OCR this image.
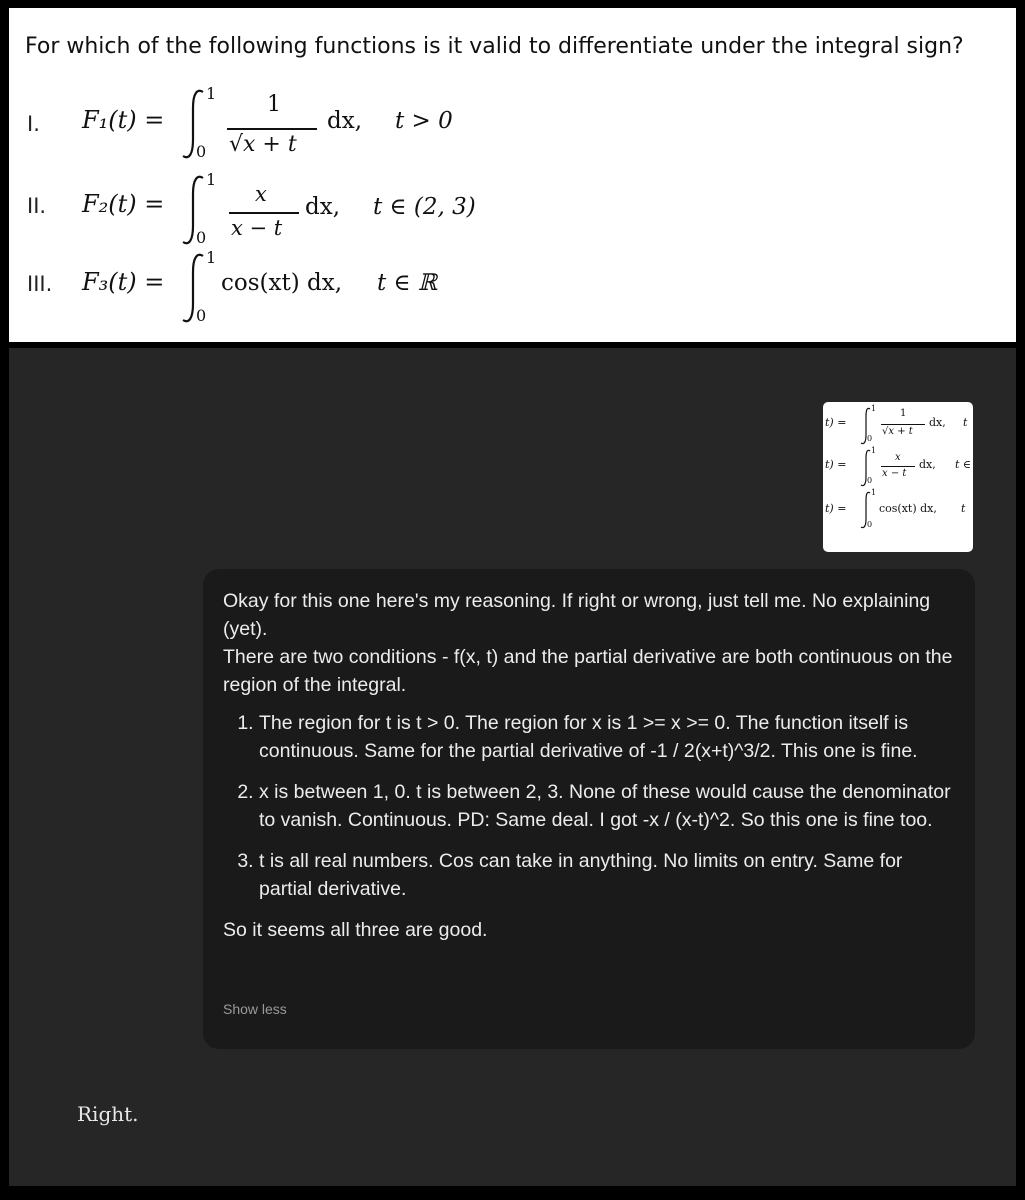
For which of the following functions is it valid to differentiate under the integral sign?
I. F₁(t) =
1
0
1
√x + t
dx, t > 0
II. F₂(t) =
1
0
x
x − t
dx, t ∈ (2, 3)
III. F₃(t) =
1
0
cos(xt) dx, t ∈ ℝ
t) =
1
0
1
√x + t
dx, t
t) =
1
0
x
x − t
dx, t ∈
t) =
1
0
cos(xt) dx, t

Okay for this one here's my reasoning. If right or wrong, just tell me. No explaining (yet).

There are two conditions - f(x, t) and the partial derivative are both continuous on the region of the integral.

1. The region for t is t > 0. The region for x is 1 >= x >= 0. The function itself is continuous. Same for the partial derivative of -1 / 2(x+t)^3/2. This one is fine.
2. x is between 1, 0. t is between 2, 3. None of these would cause the denominator to vanish. Continuous. PD: Same deal. I got -x / (x-t)^2. So this one is fine too.
3. t is all real numbers. Cos can take in anything. No limits on entry. Same for partial derivative.

So it seems all three are good.

Show less
Right.
